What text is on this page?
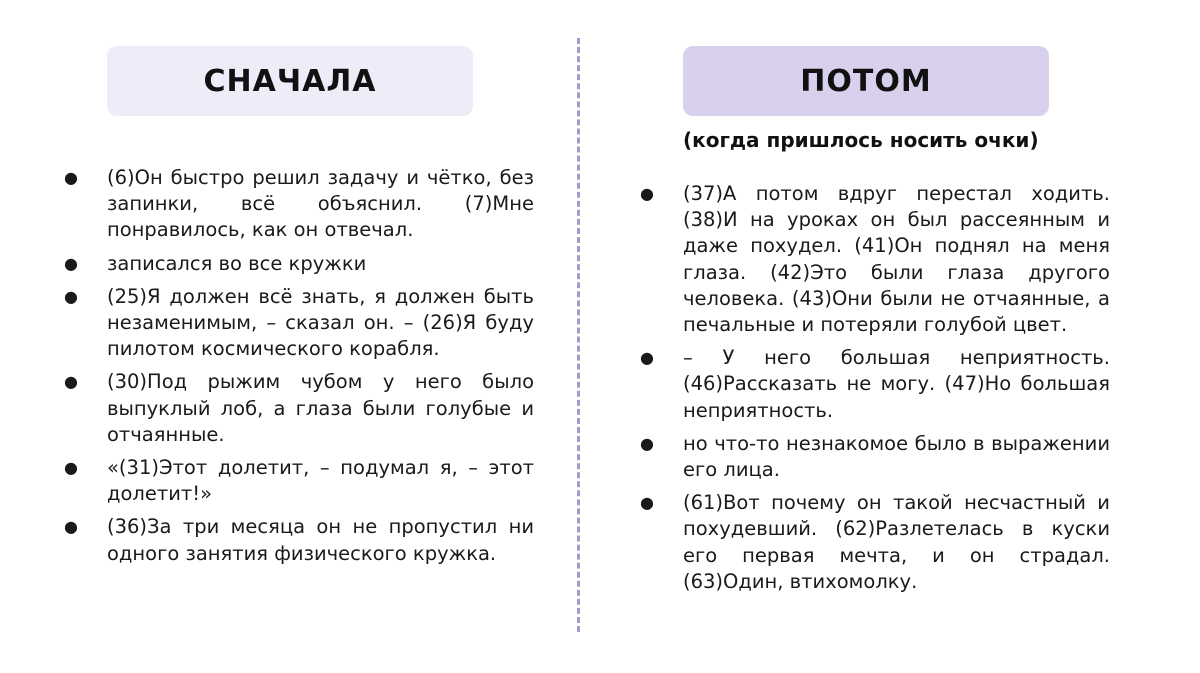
СНАЧАЛА	ПОТОМ
(когда пришлось носить очки)
● (6)Он быстро решил задачу и чётко, без запинки, всё объяснил. (7)Мне понравилось, как он отвечал.
● записался во все кружки
● (25)Я должен всё знать, я должен быть незаменимым, – сказал он. – (26)Я буду пилотом космического корабля.
● (30)Под рыжим чубом у него было выпуклый лоб, а глаза были голубые и отчаянные.
● «(31)Этот долетит, – подумал я, – этот долетит!»
● (36)За три месяца он не пропустил ни одного занятия физического кружка.
● (37)А потом вдруг перестал ходить. (38)И на уроках он был рассеянным и даже похудел. (41)Он поднял на меня глаза. (42)Это были глаза другого человека. (43)Они были не отчаянные, а печальные и потеряли голубой цвет.
● – У него большая неприятность. (46)Рассказать не могу. (47)Но большая неприятность.
● но что-то незнакомое было в выражении его лица.
● (61)Вот почему он такой несчастный и похудевший. (62)Разлетелась в куски его первая мечта, и он страдал. (63)Один, втихомолку.
